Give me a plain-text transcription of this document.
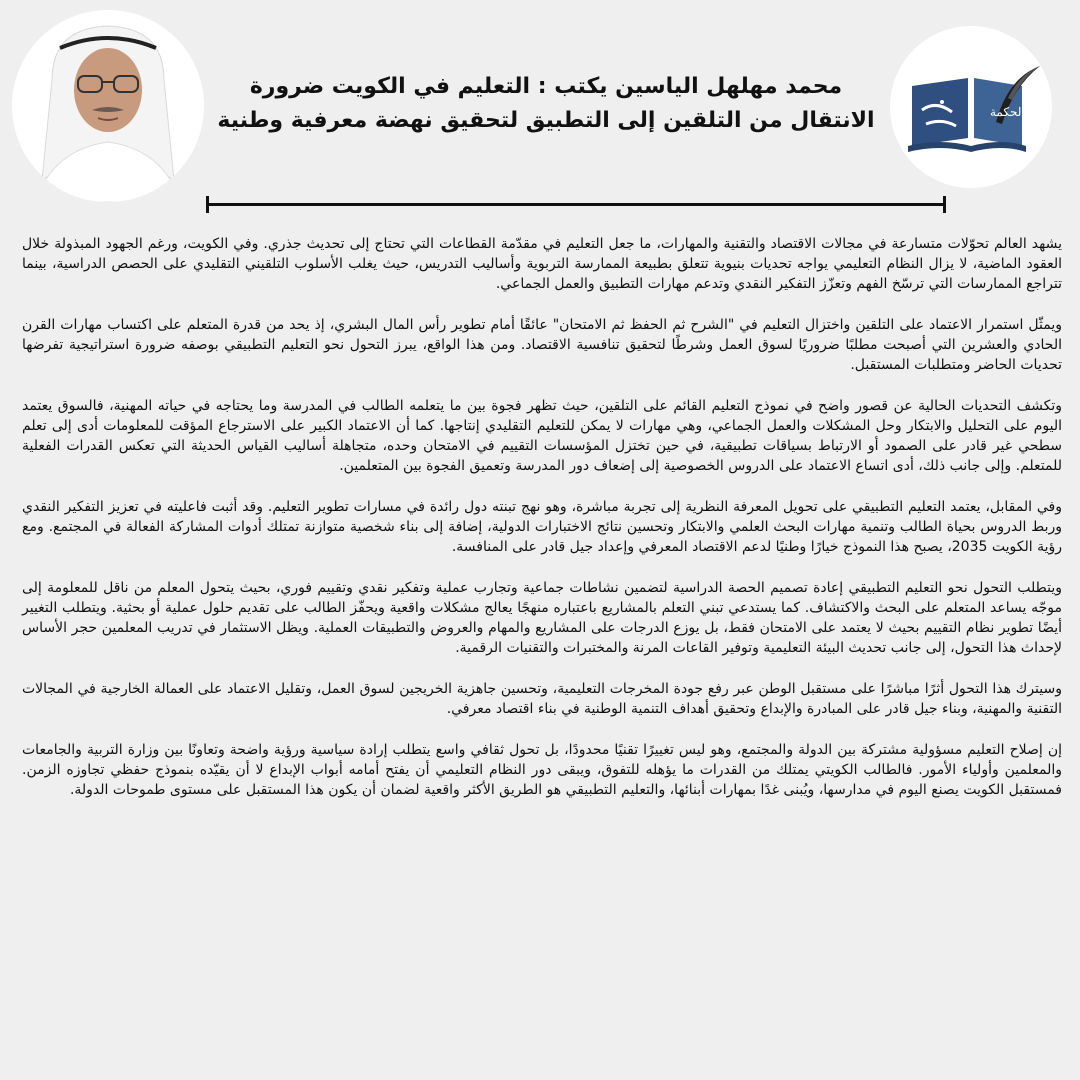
محمد مهلهل الياسين يكتب : التعليم في الكويت ضرورة الانتقال من التلقين إلى التطبيق لتحقيق نهضة معرفية وطنية	دار الحكمة

يشهد العالم تحوّلات متسارعة في مجالات الاقتصاد والتقنية والمهارات، ما جعل التعليم في مقدّمة القطاعات التي تحتاج إلى تحديث جذري. وفي الكويت، ورغم الجهود المبذولة خلال العقود الماضية، لا يزال النظام التعليمي يواجه تحديات بنيوية تتعلق بطبيعة الممارسة التربوية وأساليب التدريس، حيث يغلب الأسلوب التلقيني التقليدي على الحصص الدراسية، بينما تتراجع الممارسات التي ترسّخ الفهم وتعزّز التفكير النقدي وتدعم مهارات التطبيق والعمل الجماعي.

ويمثّل استمرار الاعتماد على التلقين واختزال التعليم في "الشرح ثم الحفظ ثم الامتحان" عائقًا أمام تطوير رأس المال البشري، إذ يحد من قدرة المتعلم على اكتساب مهارات القرن الحادي والعشرين التي أصبحت مطلبًا ضروريًا لسوق العمل وشرطًا لتحقيق تنافسية الاقتصاد. ومن هذا الواقع، يبرز التحول نحو التعليم التطبيقي بوصفه ضرورة استراتيجية تفرضها تحديات الحاضر ومتطلبات المستقبل.

وتكشف التحديات الحالية عن قصور واضح في نموذج التعليم القائم على التلقين، حيث تظهر فجوة بين ما يتعلمه الطالب في المدرسة وما يحتاجه في حياته المهنية، فالسوق يعتمد اليوم على التحليل والابتكار وحل المشكلات والعمل الجماعي، وهي مهارات لا يمكن للتعليم التقليدي إنتاجها. كما أن الاعتماد الكبير على الاسترجاع المؤقت للمعلومات أدى إلى تعلم سطحي غير قادر على الصمود أو الارتباط بسياقات تطبيقية، في حين تختزل المؤسسات التقييم في الامتحان وحده، متجاهلة أساليب القياس الحديثة التي تعكس القدرات الفعلية للمتعلم. وإلى جانب ذلك، أدى اتساع الاعتماد على الدروس الخصوصية إلى إضعاف دور المدرسة وتعميق الفجوة بين المتعلمين.

وفي المقابل، يعتمد التعليم التطبيقي على تحويل المعرفة النظرية إلى تجربة مباشرة، وهو نهج تبنته دول رائدة في مسارات تطوير التعليم. وقد أثبت فاعليته في تعزيز التفكير النقدي وربط الدروس بحياة الطالب وتنمية مهارات البحث العلمي والابتكار وتحسين نتائج الاختبارات الدولية، إضافة إلى بناء شخصية متوازنة تمتلك أدوات المشاركة الفعالة في المجتمع. ومع رؤية الكويت 2035، يصبح هذا النموذج خيارًا وطنيًا لدعم الاقتصاد المعرفي وإعداد جيل قادر على المنافسة.

ويتطلب التحول نحو التعليم التطبيقي إعادة تصميم الحصة الدراسية لتضمين نشاطات جماعية وتجارب عملية وتفكير نقدي وتقييم فوري، بحيث يتحول المعلم من ناقل للمعلومة إلى موجّه يساعد المتعلم على البحث والاكتشاف. كما يستدعي تبني التعلم بالمشاريع باعتباره منهجًا يعالج مشكلات واقعية ويحفّز الطالب على تقديم حلول عملية أو بحثية. ويتطلب التغيير أيضًا تطوير نظام التقييم بحيث لا يعتمد على الامتحان فقط، بل يوزع الدرجات على المشاريع والمهام والعروض والتطبيقات العملية. ويظل الاستثمار في تدريب المعلمين حجر الأساس لإحداث هذا التحول، إلى جانب تحديث البيئة التعليمية وتوفير القاعات المرنة والمختبرات والتقنيات الرقمية.

وسيترك هذا التحول أثرًا مباشرًا على مستقبل الوطن عبر رفع جودة المخرجات التعليمية، وتحسين جاهزية الخريجين لسوق العمل، وتقليل الاعتماد على العمالة الخارجية في المجالات التقنية والمهنية، وبناء جيل قادر على المبادرة والإبداع وتحقيق أهداف التنمية الوطنية في بناء اقتصاد معرفي.

إن إصلاح التعليم مسؤولية مشتركة بين الدولة والمجتمع، وهو ليس تغييرًا تقنيًا محدودًا، بل تحول ثقافي واسع يتطلب إرادة سياسية ورؤية واضحة وتعاونًا بين وزارة التربية والجامعات والمعلمين وأولياء الأمور. فالطالب الكويتي يمتلك من القدرات ما يؤهله للتفوق، ويبقى دور النظام التعليمي أن يفتح أمامه أبواب الإبداع لا أن يقيّده بنموذج حفظي تجاوزه الزمن. فمستقبل الكويت يصنع اليوم في مدارسها، ويُبنى غدًا بمهارات أبنائها، والتعليم التطبيقي هو الطريق الأكثر واقعية لضمان أن يكون هذا المستقبل على مستوى طموحات الدولة.
